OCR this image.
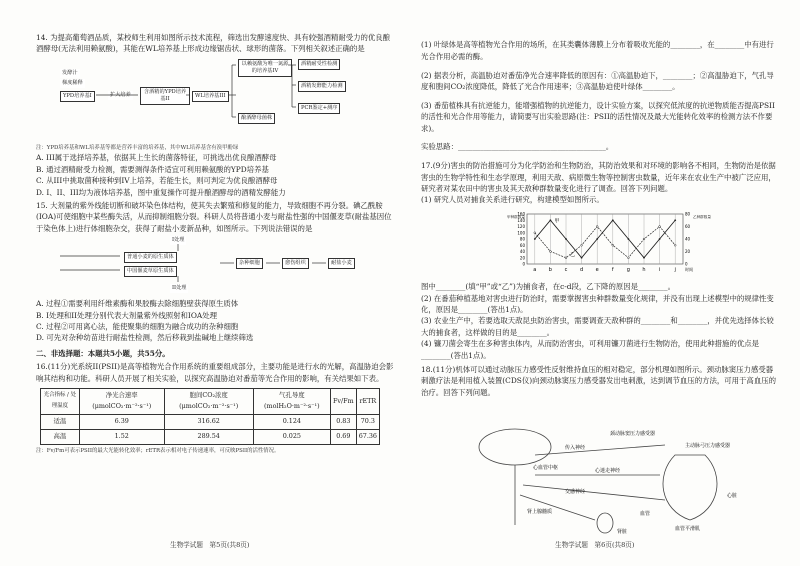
14. 为提高葡萄酒品质，某校师生利用如图所示技术流程，筛选出发酵速度快、具有较强酒精耐受力的优良酿酒酵母(无法利用赖氨酸)，其能在WL培养基上形成边缘锯齿状、球形的菌落。下列相关叙述正确的是

发酵汁
梯度稀释
YPD培养基I	扩大培养	含酒精的YPD培养基II	WL培养基III
以赖氨酸为唯一氮源的培养基IV
酒精耐受性检测
酒精发酵能力检测
PCR鉴定+测序
酿酒酵母菌株

注：YPD培养基和WL培养基等都是营养丰富的培养基，其中WL培养基含有溴甲酚绿

A. III属于选择培养基，依据其上生长的菌落特征，可挑选出优良酿酒酵母

B. 通过酒精耐受力检测，需要测得条件适宜可利用赖氨酸的YPD培养基

C. 从III中挑取菌种接种到IV上培养，若能生长，则可判定为优良酿酒酵母

D. I、II、III均为液体培养基，图中重复操作可提升酿酒酵母的酒精发酵能力

15. 大剂量的紫外线能切断和破坏染色体结构，使其失去繁殖和修复的能力，导致细胞不再分裂。碘乙酰胺(IOA)可使细胞中某些酶失活，从而抑制细胞分裂。科研人员将普通小麦与耐盐性强的中国偃麦草(耐盐基因位于染色体上)进行体细胞杂交，获得了耐盐小麦新品种，如图所示。下列说法错误的是

I处理
普通小麦的原生质体
中国偃麦草原生质体
II处理
杂种细胞	愈伤组织	耐盐小麦

A. 过程①需要利用纤维素酶和果胶酶去除细胞壁获得原生质体

B. I处理和II处理分别代表大剂量紫外线照射和IOA处理

C. 过程②可用离心法，能使聚集的细胞为融合成功的杂种细胞

D. 可先对杂种幼苗进行耐盐性检测，然后移栽到盐碱地上继续筛选

二、非选择题：本题共5小题，共55分。

16.(11分)光系统II(PSII)是高等植物光合作用系统的重要组成部分，主要功能是进行水的光解，高温胁迫会影响其结构和功能。科研人员开展了相关实验，以探究高温胁迫对番茄等光合作用的影响，有关结果如下表。

光合指标 / 处理温度	净光合速率(μmolCO₂·m⁻²·s⁻¹)	胞间CO₂浓度(μmolCO₂·m⁻²·s⁻¹)	气孔导度(molH₂O·m⁻²·s⁻¹)	Fv/Fm	rETR
适温	6.39	316.62	0.124	0.83	70.3
高温	1.52	289.54	0.025	0.69	67.36

注：Fv/Fm可表示PSII的最大光能转化效率；rETR表示相对电子传递速率，可反映PSII的活性情况。

生物学试题　第5页(共8页)

(1) 叶绿体是高等植物光合作用的场所，在其类囊体薄膜上分布着吸收光能的________，在________中有进行光合作用必需的酶。

(2) 据表分析，高温胁迫对番茄净光合速率降低的原因有：①高温胁迫下，________；②高温胁迫下，气孔导度和胞间CO₂浓度降低，降低了光合作用速率；③高温胁迫使叶绿体________。

(3) 番茄植株具有抗逆能力，能增强植物的抗逆能力，设计实验方案，以探究低浓度的抗逆物质能否提高PSII的活性和光合作用等能力，请简要写出实验思路(注：PSII的活性情况及最大光能转化效率的检测方法不作要求)。

实验思路：________________________________________。

17.(9分)害虫的防治措施可分为化学防治和生物防治，其防治效果和对环境的影响各不相同，生物防治是依据害虫的生物学特性和生态学原理，利用天敌、病原微生物等控制害虫数量，近年来在农业生产中被广泛应用，研究者对某农田中的害虫及其天敌种群数量变化进行了调查。回答下列问题。

(1) 研究人员对捕食关系进行研究，构建模型如图所示。

a b	c	d e	f	g h	i	j
0
20
40
60
80
100
120
140
160
0
20
40
60
80
甲
乙
时间
甲种群数量	乙种群数量

图中________(填“甲”或“乙”)为捕食者，在c-d段，乙下降的原因是________。

(2) 在番茄种植基地对害虫进行防治时，需要掌握害虫种群数量变化规律，并没有出现上述模型中的规律性变化，原因是________(答出1点)。

(3) 农业生产中，若要选取天敌昆虫防治害虫，需要调查天敌种群的________和________，并优先选择体长较大的捕食者，这样做的目的是________。

(4) 镰刀菌会寄生在多种害虫体内，从而防治害虫，可利用镰刀菌进行生物防治，使用此种措施的优点是________(答出1点)。

18.(11分)机体可以通过动脉压力感受性反射维持血压的相对稳定，部分机理如图所示。颈动脉窦压力感受器刺激疗法是利用植入装置(CDS仪)向颈动脉窦压力感受器发出电刺激，达到调节血压的方法，可用于高血压的治疗。回答下列问题。

颈动脉窦压力感受器
主动脉弓压力感受器
传入神经
心血管中枢	心迷走神经
交感神经
肾上腺髓质
心脏
血管
血管平滑肌
肾脏
生物学试题　第6页(共8页)
